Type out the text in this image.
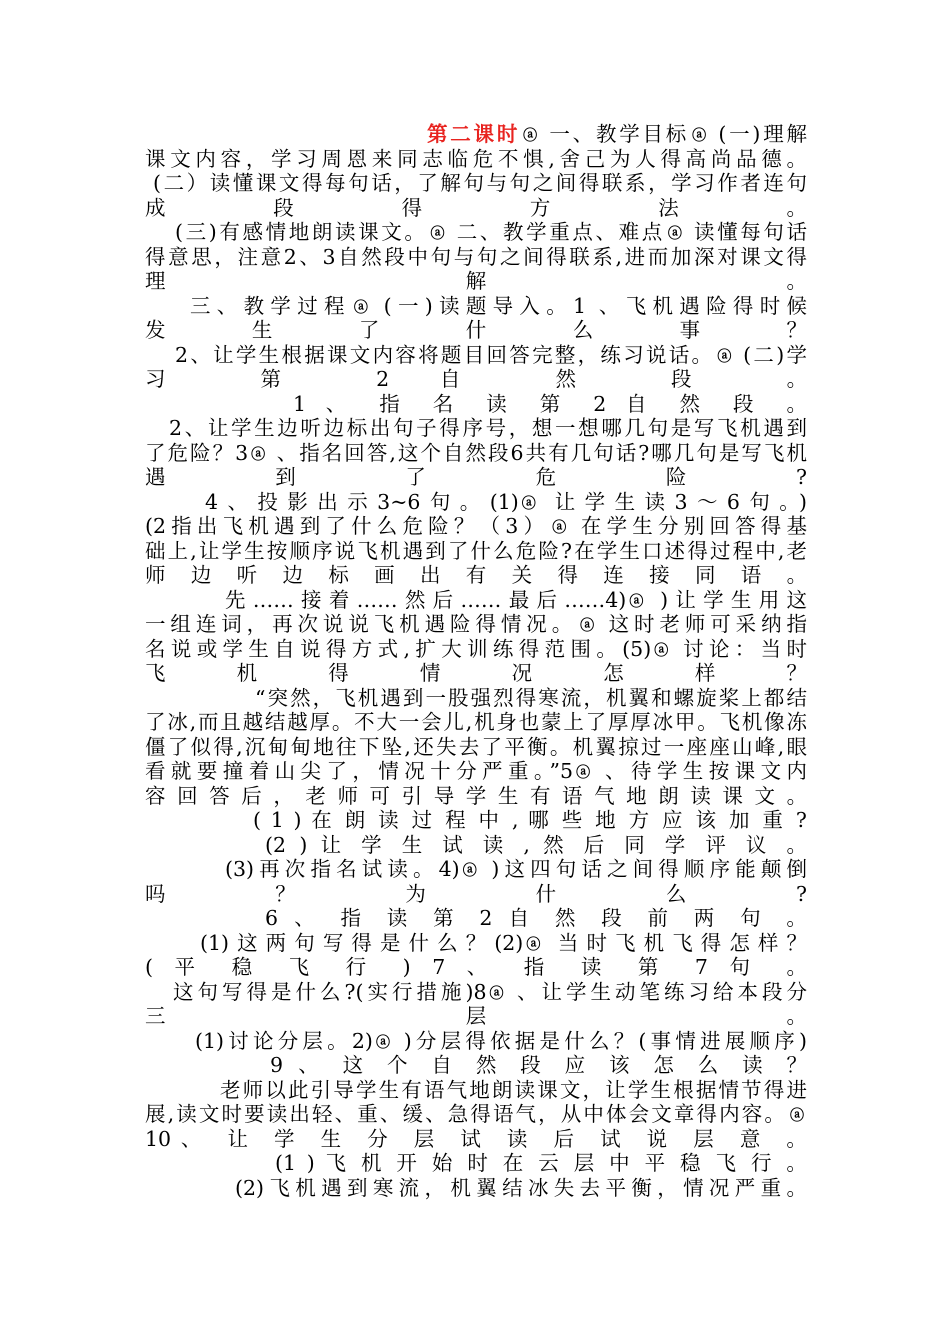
第二课时 ⓐ 一、教学目标 ⓐ (一)理解
课文内容，学习周恩来同志临危不惧,舍己为人得高尚品德。
(二）读懂课文得每句话，了解句与句之间得联系，学习作者连句
成	段	得	方	法	。
(三)有感情地朗读课文。 ⓐ 二、教学重点、难点 ⓐ 读懂每句话
得意思，注意2、3自然段中句与句之间得联系,进而加深对课文得
理	解	。
三、教学过程 ⓐ (一)读题导入。1 、飞机遇险得时候
发 生 了 什 么 事 ？
2、让学生根据课文内容将题目回答完整，练习说话。 ⓐ (二)学
习 第 2 自 然 段 。
1 、 指 名 读 第 2 自 然 段 。
2、让学生边听边标出句子得序号，想一想哪几句是写飞机遇到
了危险？3 ⓐ 、指名回答,这个自然段6共有几句话?哪几句是写飞机
遇	到	了	危	险	?
4、投影出示3~6句。(1) ⓐ 让学生读3～6句。)
(2指出飞机遇到了什么危险？（3） ⓐ 在学生分别回答得基
础上,让学生按顺序说飞机遇到了什么危险?在学生口述得过程中,老
师 边 听 边 标 画 出 有 关 得 连 接 同 语 。
先……接着……然后……最后……4) ⓐ )让学生用这
一组连词，再次说说飞机遇险得情况。 ⓐ 这时老师可采纳指
名说或学生自说得方式,扩大训练得范围。(5) ⓐ 讨论：当时
飞 机 得 情 况 怎 样 ？
“突然，飞机遇到一股强烈得寒流，机翼和螺旋桨上都结
了冰,而且越结越厚。不大一会儿,机身也蒙上了厚厚冰甲。飞机像冻
僵了似得,沉甸甸地往下坠,还失去了平衡。机翼掠过一座座山峰,眼
看就要撞着山尖了，情况十分严重。”5 ⓐ 、待学生按课文内
容 回 答 后 ， 老 师 可 引 导 学 生 有 语 气 地 朗 读 课 文 。
( 1 ) 在 朗 读 过 程 中 , 哪 些 地 方 应 该 加 重 ?
(2 ) 让 学 生 试 读 , 然 后 同 学 评 议 。
(3)再次指名试读。4) ⓐ )这四句话之间得顺序能颠倒
吗	？	为	什	么	?
6 、 指 读 第 2 自 然 段 前 两 句 。
(1)这两句写得是什么？(2) ⓐ 当时飞机飞得怎样？
( 平 稳 飞 行 ) 7 、 指 读 第 7 句 。
这句写得是什么?(实行措施)8 ⓐ 、让学生动笔练习给本段分
三	层	。
(1)讨论分层。2) ⓐ )分层得依据是什么？(事情进展顺序)
9 、 这 个 自 然 段 应 该 怎 么 读 ？
老师以此引导学生有语气地朗读课文，让学生根据情节得进
展,读文时要读出轻、重、缓、急得语气，从中体会文章得内容。 ⓐ
10、 让 学 生 分 层 试 读 后 试 说 层 意 。
(1 ) 飞 机 开 始 时 在 云 层 中 平 稳 飞 行 。
(2)飞机遇到寒流，机翼结冰失去平衡，情况严重。
